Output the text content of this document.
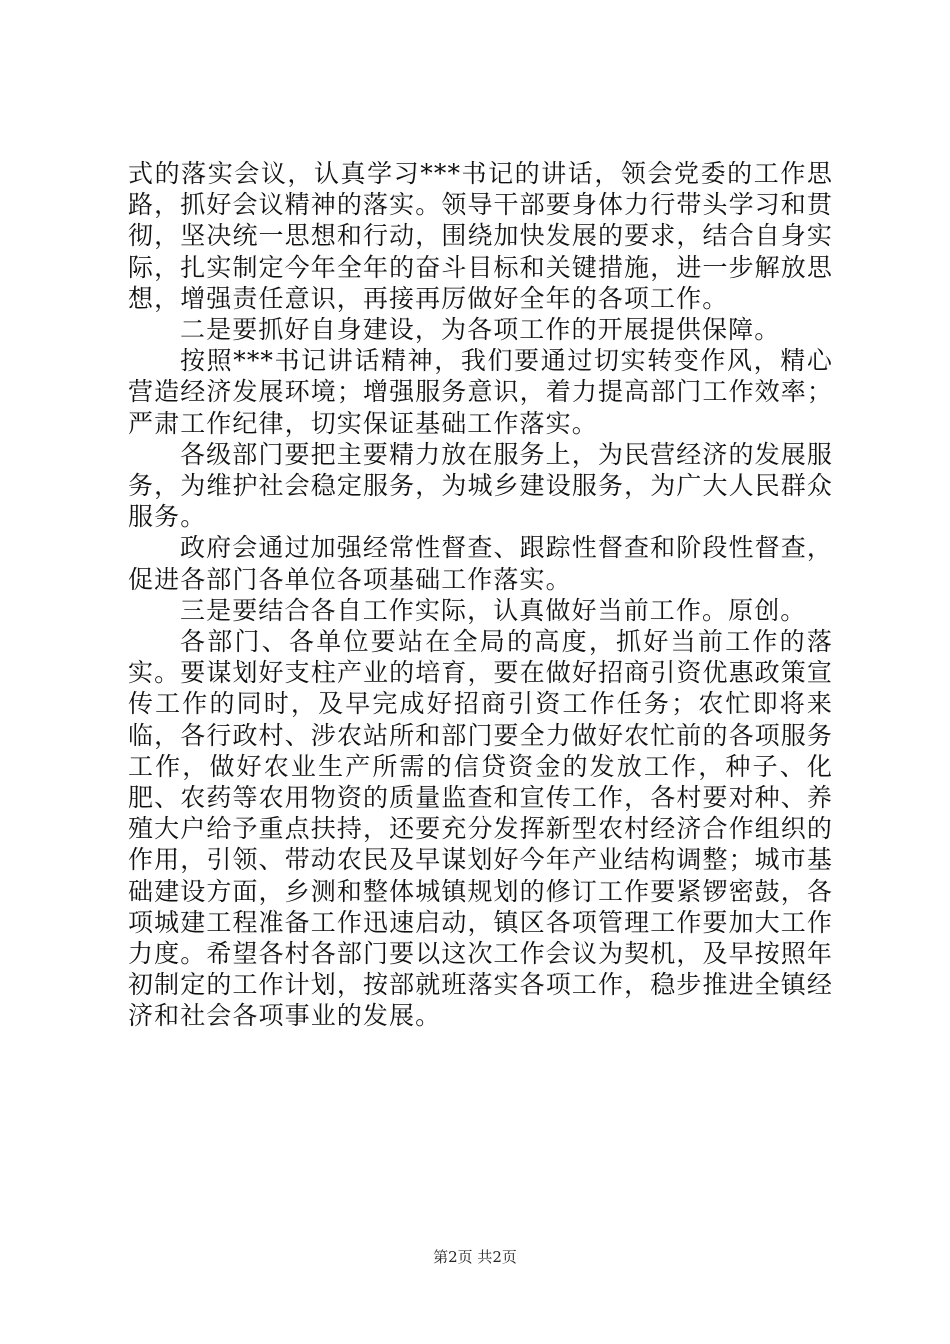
式的落实会议，认真学习***书记的讲话，领会党委的工作思路，抓好会议精神的落实。领导干部要身体力行带头学习和贯彻，坚决统一思想和行动，围绕加快发展的要求，结合自身实际，扎实制定今年全年的奋斗目标和关键措施，进一步解放思想，增强责任意识，再接再厉做好全年的各项工作。

二是要抓好自身建设，为各项工作的开展提供保障。

按照***书记讲话精神，我们要通过切实转变作风，精心营造经济发展环境；增强服务意识，着力提高部门工作效率；严肃工作纪律，切实保证基础工作落实。

各级部门要把主要精力放在服务上，为民营经济的发展服务，为维护社会稳定服务，为城乡建设服务，为广大人民群众服务。

政府会通过加强经常性督查、跟踪性督查和阶段性督查，促进各部门各单位各项基础工作落实。

三是要结合各自工作实际，认真做好当前工作。原创。

各部门、各单位要站在全局的高度，抓好当前工作的落实。要谋划好支柱产业的培育，要在做好招商引资优惠政策宣传工作的同时，及早完成好招商引资工作任务；农忙即将来临，各行政村、涉农站所和部门要全力做好农忙前的各项服务工作，做好农业生产所需的信贷资金的发放工作，种子、化肥、农药等农用物资的质量监查和宣传工作，各村要对种、养殖大户给予重点扶持，还要充分发挥新型农村经济合作组织的作用，引领、带动农民及早谋划好今年产业结构调整；城市基础建设方面，乡测和整体城镇规划的修订工作要紧锣密鼓，各项城建工程准备工作迅速启动，镇区各项管理工作要加大工作力度。希望各村各部门要以这次工作会议为契机，及早按照年初制定的工作计划，按部就班落实各项工作，稳步推进全镇经济和社会各项事业的发展。

第2页 共2页
